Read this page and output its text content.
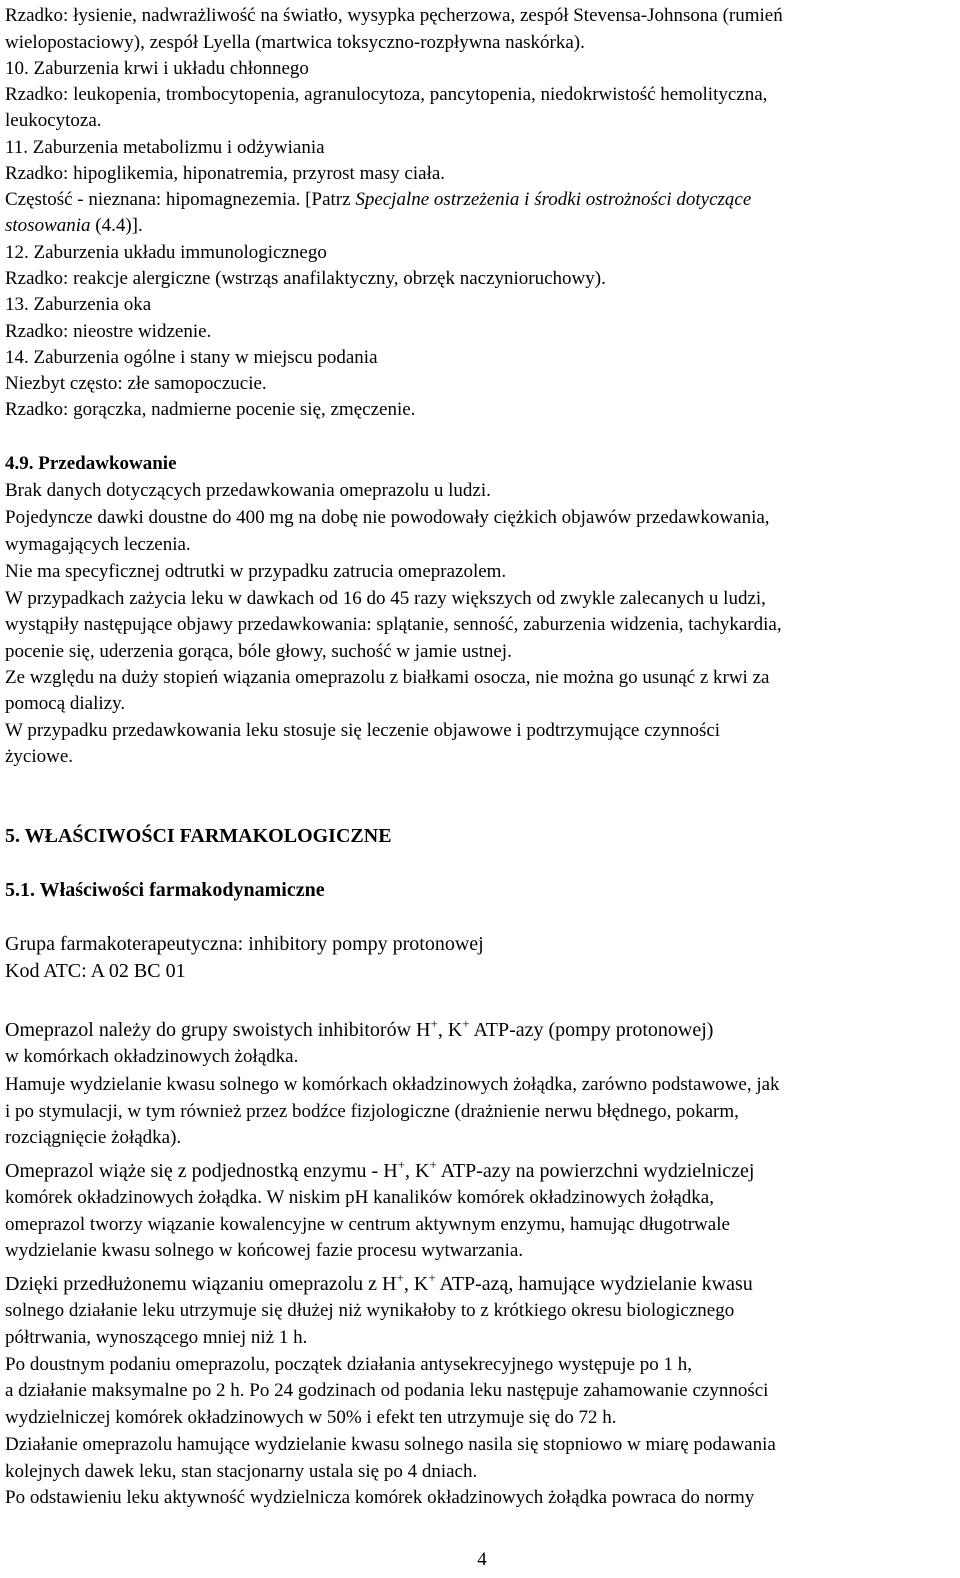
Rzadko: łysienie, nadwrażliwość na światło, wysypka pęcherzowa, zespół Stevensa-Johnsona (rumień

wielopostaciowy), zespół Lyella (martwica toksyczno-rozpływna naskórka).

10. Zaburzenia krwi i układu chłonnego

Rzadko: leukopenia, trombocytopenia, agranulocytoza, pancytopenia, niedokrwistość hemolityczna,

leukocytoza.

11. Zaburzenia metabolizmu i odżywiania

Rzadko: hipoglikemia, hiponatremia, przyrost masy ciała.

Częstość - nieznana: hipomagnezemia. [Patrz Specjalne ostrzeżenia i środki ostrożności dotyczące

stosowania (4.4)].

12. Zaburzenia układu immunologicznego

Rzadko: reakcje alergiczne (wstrząs anafilaktyczny, obrzęk naczynioruchowy).

13. Zaburzenia oka

Rzadko: nieostre widzenie.

14. Zaburzenia ogólne i stany w miejscu podania

Niezbyt często: złe samopoczucie.

Rzadko: gorączka, nadmierne pocenie się, zmęczenie.

4.9. Przedawkowanie

Brak danych dotyczących przedawkowania omeprazolu u ludzi.

Pojedyncze dawki doustne do 400 mg na dobę nie powodowały ciężkich objawów przedawkowania,

wymagających leczenia.

Nie ma specyficznej odtrutki w przypadku zatrucia omeprazolem.

W przypadkach zażycia leku w dawkach od 16 do 45 razy większych od zwykle zalecanych u ludzi,

wystąpiły następujące objawy przedawkowania: splątanie, senność, zaburzenia widzenia, tachykardia,

pocenie się, uderzenia gorąca, bóle głowy, suchość w jamie ustnej.

Ze względu na duży stopień wiązania omeprazolu z białkami osocza, nie można go usunąć z krwi za

pomocą dializy.

W przypadku przedawkowania leku stosuje się leczenie objawowe i podtrzymujące czynności

życiowe.

5. WŁAŚCIWOŚCI FARMAKOLOGICZNE

5.1. Właściwości farmakodynamiczne

Grupa farmakoterapeutyczna: inhibitory pompy protonowej

Kod ATC: A 02 BC 01

Omeprazol należy do grupy swoistych inhibitorów H+, K+ ATP-azy (pompy protonowej)

w komórkach okładzinowych żołądka.

Hamuje wydzielanie kwasu solnego w komórkach okładzinowych żołądka, zarówno podstawowe, jak

i po stymulacji, w tym również przez bodźce fizjologiczne (drażnienie nerwu błędnego, pokarm,

rozciągnięcie żołądka).

Omeprazol wiąże się z podjednostką enzymu - H+, K+ ATP-azy na powierzchni wydzielniczej

komórek okładzinowych żołądka. W niskim pH kanalików komórek okładzinowych żołądka,

omeprazol tworzy wiązanie kowalencyjne w centrum aktywnym enzymu, hamując długotrwale

wydzielanie kwasu solnego w końcowej fazie procesu wytwarzania.

Dzięki przedłużonemu wiązaniu omeprazolu z H+, K+ ATP-azą, hamujące wydzielanie kwasu

solnego działanie leku utrzymuje się dłużej niż wynikałoby to z krótkiego okresu biologicznego

półtrwania, wynoszącego mniej niż 1 h.

Po doustnym podaniu omeprazolu, początek działania antysekrecyjnego występuje po 1 h,

a działanie maksymalne po 2 h. Po 24 godzinach od podania leku następuje zahamowanie czynności

wydzielniczej komórek okładzinowych w 50% i efekt ten utrzymuje się do 72 h.

Działanie omeprazolu hamujące wydzielanie kwasu solnego nasila się stopniowo w miarę podawania

kolejnych dawek leku, stan stacjonarny ustala się po 4 dniach.

Po odstawieniu leku aktywność wydzielnicza komórek okładzinowych żołądka powraca do normy

4
